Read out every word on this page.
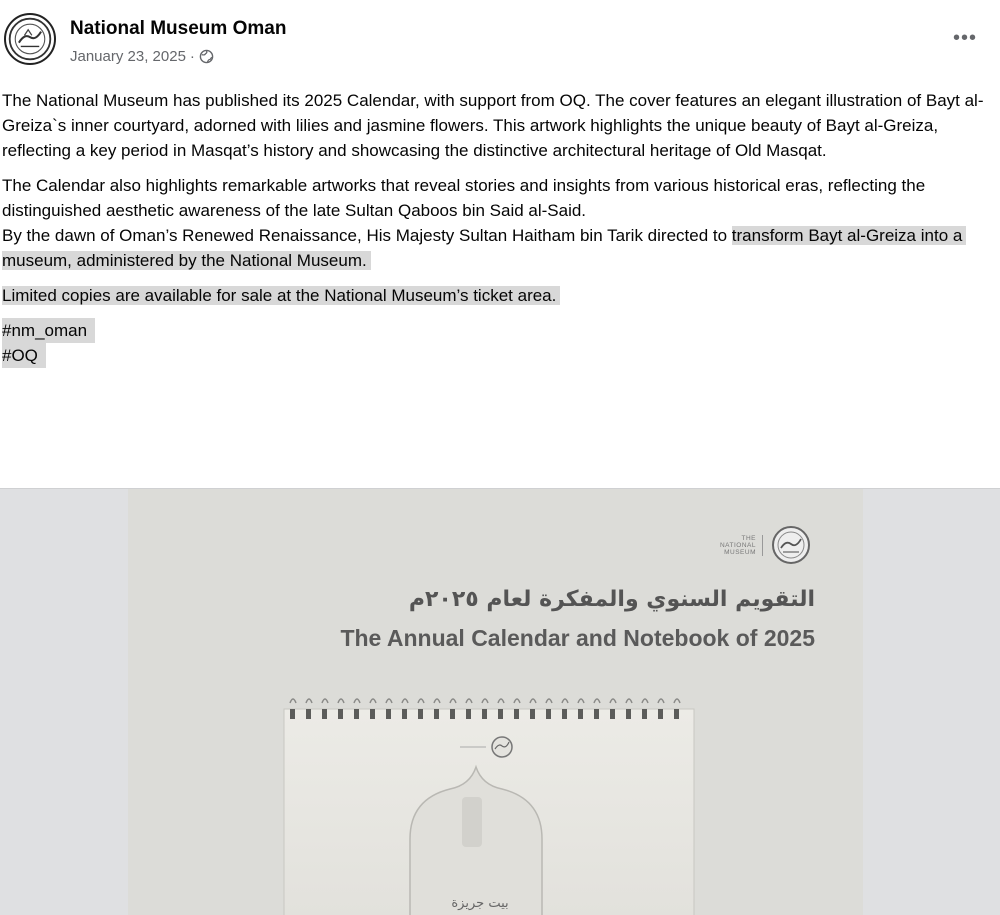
National Museum Oman
January 23, 2025 ·
•••

The National Museum has published its 2025 Calendar, with support from OQ. The cover features an elegant illustration of Bayt al-Greiza`s inner courtyard, adorned with lilies and jasmine flowers. This artwork highlights the unique beauty of Bayt al-Greiza, reflecting a key period in Masqat’s history and showcasing the distinctive architectural heritage of Old Masqat.

The Calendar also highlights remarkable artworks that reveal stories and insights from various historical eras, reflecting the distinguished aesthetic awareness of the late Sultan Qaboos bin Said al-Said.

By the dawn of Oman’s Renewed Renaissance, His Majesty Sultan Haitham bin Tarik directed to transform Bayt al-Greiza into a museum, administered by the National Museum.

Limited copies are available for sale at the National Museum’s ticket area.

#nm_oman
#OQ
THE
NATIONAL
MUSEUM
التقويم السنوي والمفكرة لعام ٢٠٢٥م
The Annual Calendar and Notebook of 2025
بيت جريزة
